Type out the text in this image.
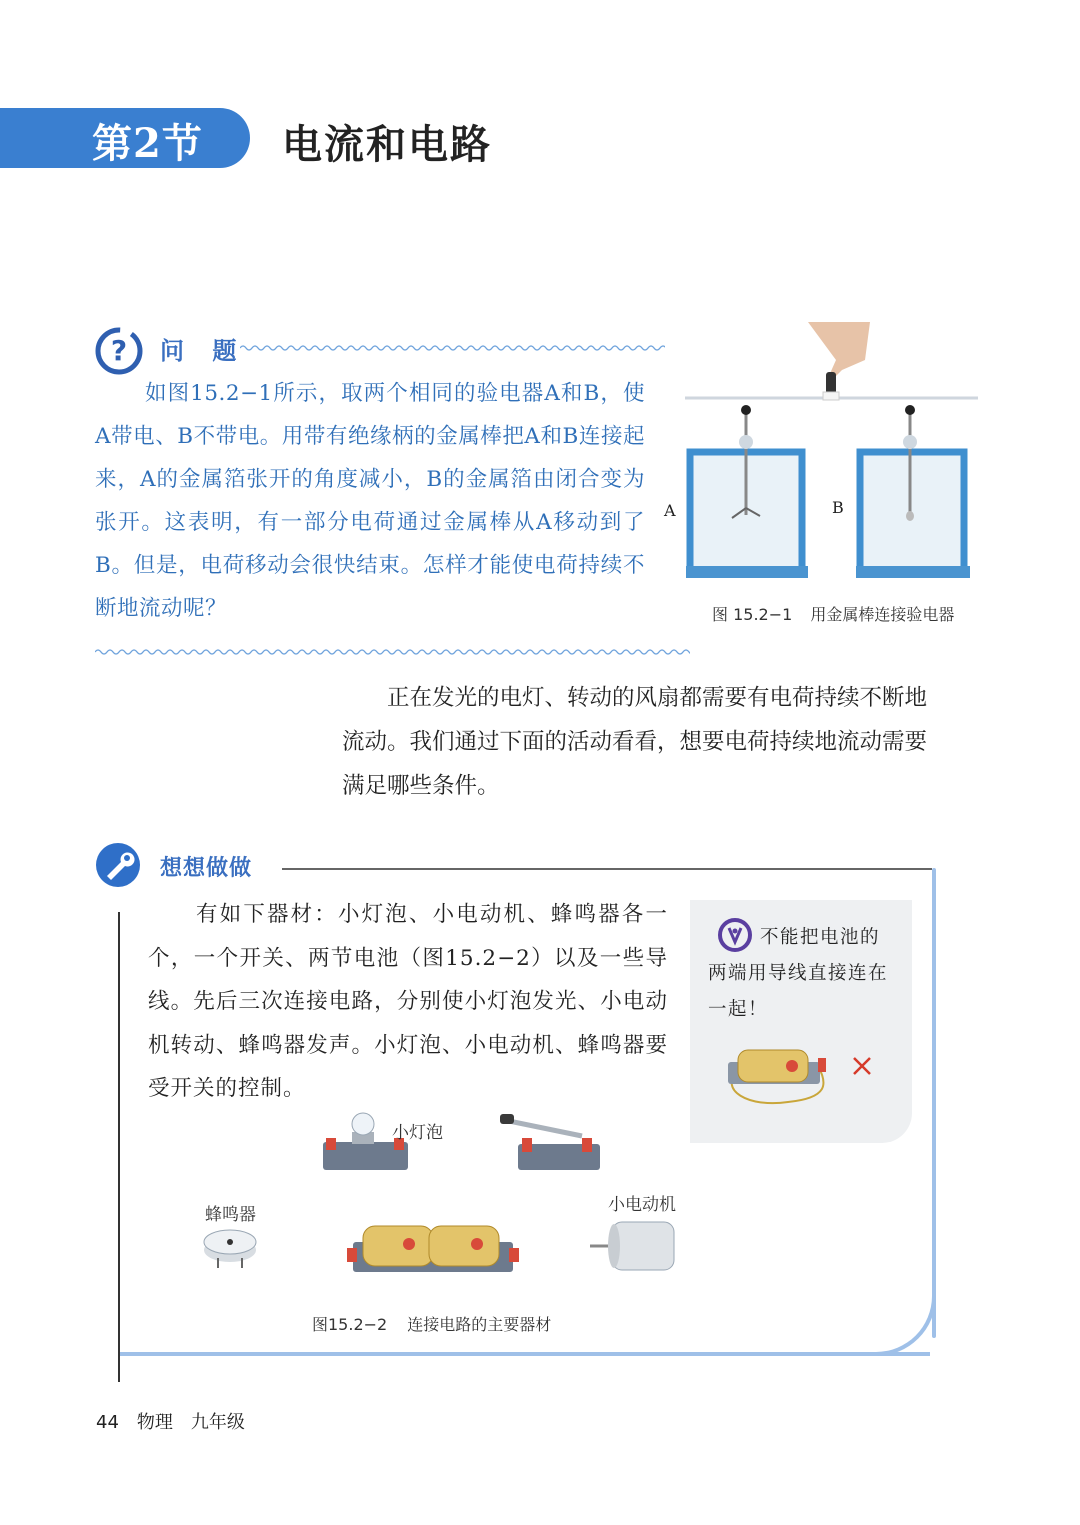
第2节 电流和电路
? 问 题

如图15.2−1所示，取两个相同的验电器A和B，使A带电、B不带电。用带有绝缘柄的金属棒把A和B连接起来，A的金属箔张开的角度减小，B的金属箔由闭合变为张开。这表明，有一部分电荷通过金属棒从A移动到了B。但是，电荷移动会很快结束。怎样才能使电荷持续不断地流动呢？

A	B
图 15.2−1 用金属棒连接验电器

正在发光的电灯、转动的风扇都需要有电荷持续不断地流动。我们通过下面的活动看看，想要电荷持续地流动需要满足哪些条件。

想想做做

有如下器材：小灯泡、小电动机、蜂鸣器各一个，一个开关、两节电池（图15.2−2）以及一些导线。先后三次连接电路，分别使小灯泡发光、小电动机转动、蜂鸣器发声。小灯泡、小电动机、蜂鸣器要受开关的控制。

不能把电池的两端用导线直接连在一起！

小灯泡
蜂鸣器	小电动机
图15.2−2 连接电路的主要器材
44 物理 九年级
